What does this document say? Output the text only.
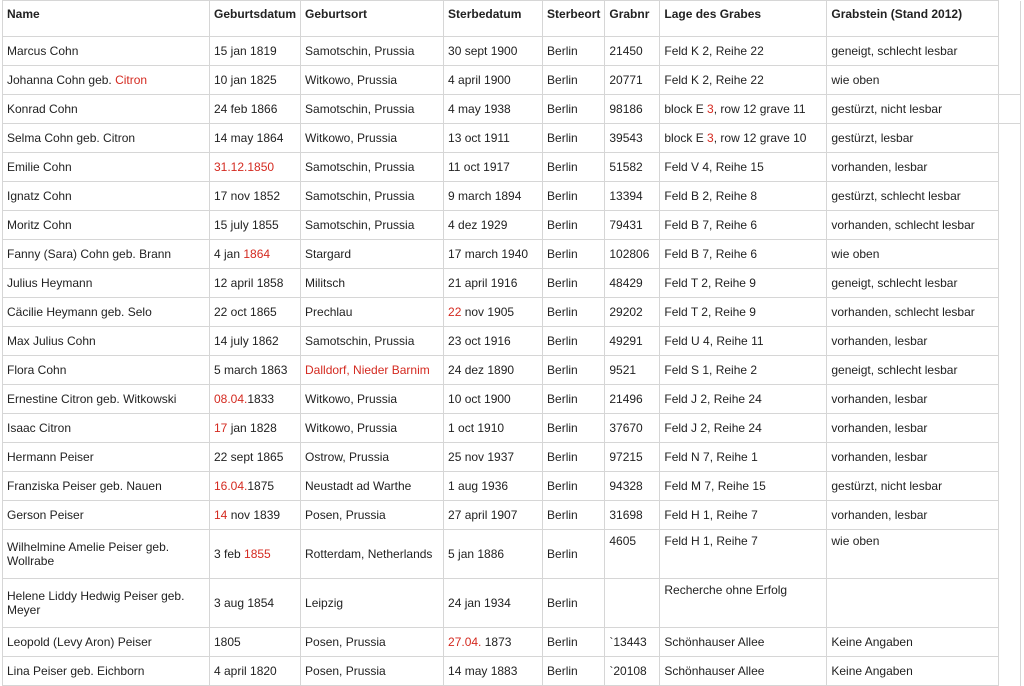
Name	Geburtsdatum	Geburtsort	Sterbedatum	Sterbeort	Grabnr	Lage des Grabes	Grabstein (Stand 2012)	
Marcus Cohn	15 jan 1819	Samotschin, Prussia	30 sept 1900	Berlin	21450	Feld K 2, Reihe 22	geneigt, schlecht lesbar	
Johanna Cohn geb. Citron	10 jan 1825	Witkowo, Prussia	4 april 1900	Berlin	20771	Feld K 2, Reihe 22	wie oben	
Konrad Cohn	24 feb 1866	Samotschin, Prussia	4 may 1938	Berlin	98186	block E 3, row 12 grave 11	gestürzt, nicht lesbar	
Selma Cohn geb. Citron	14 may 1864	Witkowo, Prussia	13 oct 1911	Berlin	39543	block E 3, row 12 grave 10	gestürzt, lesbar	
Emilie Cohn	31.12.1850	Samotschin, Prussia	11 oct 1917	Berlin	51582	Feld V 4, Reihe 15	vorhanden, lesbar	
Ignatz Cohn	17 nov 1852	Samotschin, Prussia	9 march 1894	Berlin	13394	Feld B 2, Reihe 8	gestürzt, schlecht lesbar	
Moritz Cohn	15 july 1855	Samotschin, Prussia	4 dez 1929	Berlin	79431	Feld B 7, Reihe 6	vorhanden, schlecht lesbar	
Fanny (Sara) Cohn geb. Brann	4 jan 1864	Stargard	17 march 1940	Berlin	102806	Feld B 7, Reihe 6	wie oben	
Julius Heymann	12 april 1858	Militsch	21 april 1916	Berlin	48429	Feld T 2, Reihe 9	geneigt, schlecht lesbar	
Cäcilie Heymann geb. Selo	22 oct 1865	Prechlau	22 nov 1905	Berlin	29202	Feld T 2, Reihe 9	vorhanden, schlecht lesbar	
Max Julius Cohn	14 july 1862	Samotschin, Prussia	23 oct 1916	Berlin	49291	Feld U 4, Reihe 11	vorhanden, lesbar	
Flora Cohn	5 march 1863	Dalldorf, Nieder Barnim	24 dez 1890	Berlin	9521	Feld S 1, Reihe 2	geneigt, schlecht lesbar	
Ernestine Citron geb. Witkowski	08.04.1833	Witkowo, Prussia	10 oct 1900	Berlin	21496	Feld J 2, Reihe 24	vorhanden, lesbar	
Isaac Citron	17 jan 1828	Witkowo, Prussia	1 oct 1910	Berlin	37670	Feld J 2, Reihe 24	vorhanden, lesbar	
Hermann Peiser	22 sept 1865	Ostrow, Prussia	25 nov 1937	Berlin	97215	Feld N 7, Reihe 1	vorhanden, lesbar	
Franziska Peiser geb. Nauen	16.04.1875	Neustadt ad Warthe	1 aug 1936	Berlin	94328	Feld M 7, Reihe 15	gestürzt, nicht lesbar	
Gerson Peiser	14 nov 1839	Posen, Prussia	27 april 1907	Berlin	31698	Feld H 1, Reihe 7	vorhanden, lesbar	
Wilhelmine Amelie Peiser geb. Wollrabe	3 feb 1855	Rotterdam, Netherlands	5 jan 1886	Berlin	4605	Feld H 1, Reihe 7	wie oben	
Helene Liddy Hedwig Peiser geb. Meyer	3 aug 1854	Leipzig	24 jan 1934	Berlin		Recherche ohne Erfolg		
Leopold (Levy Aron) Peiser	1805	Posen, Prussia	27.04. 1873	Berlin	`13443	Schönhauser Allee	Keine Angaben	
Lina Peiser geb. Eichborn	4 april 1820	Posen, Prussia	14 may 1883	Berlin	`20108	Schönhauser Allee	Keine Angaben	
